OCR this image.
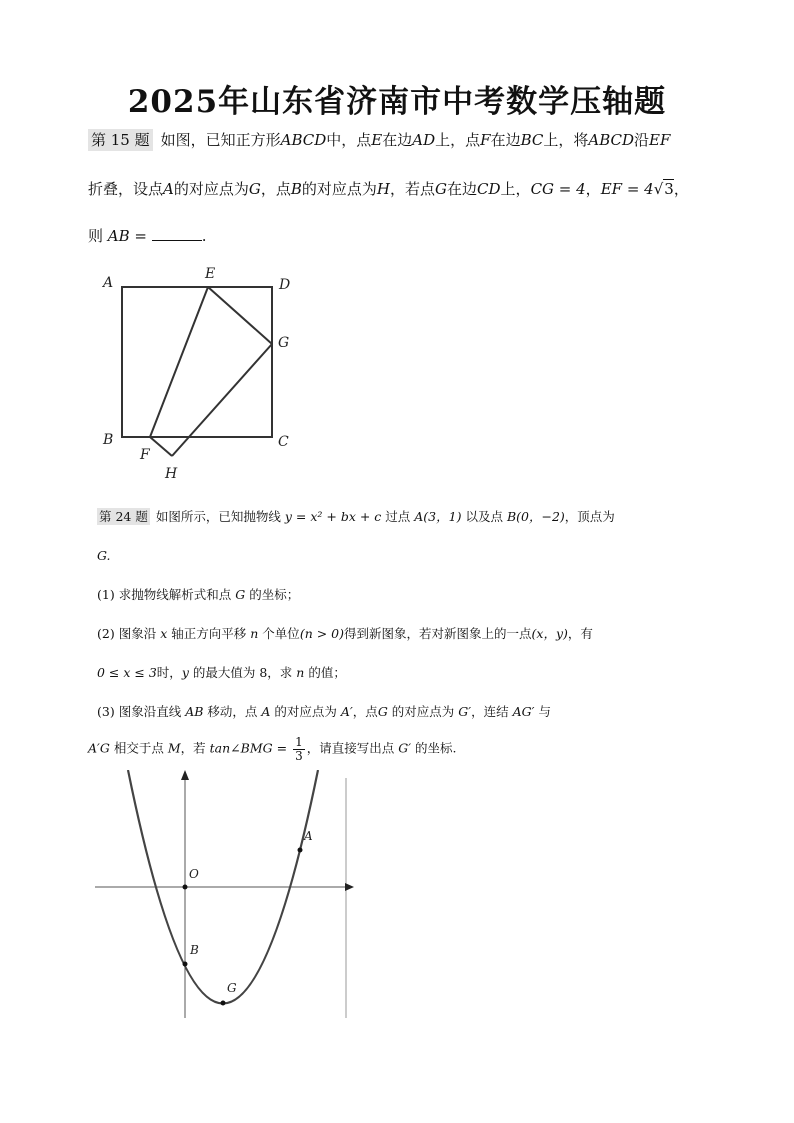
2025年山东省济南市中考数学压轴题
第 15 题 如图，已知正方形ABCD中，点E在边AD上，点F在边BC上，将ABCD沿EF
折叠，设点A的对应点为G，点B的对应点为H，若点G在边CD上，CG = 4，EF = 4√3，
则 AB =	.
A
E
D
G
B	C
F
H
第 24 题 如图所示，已知抛物线 y = x² + bx + c 过点 A(3，1) 以及点 B(0，−2)，顶点为
G.
(1) 求抛物线解析式和点 G 的坐标；
(2) 图象沿 x 轴正方向平移 n 个单位(n > 0)得到新图象，若对新图象上的一点(x，y)，有
0 ≤ x ≤ 3时，y 的最大值为 8，求 n 的值；
(3) 图象沿直线 AB 移动，点 A 的对应点为 A′，点G 的对应点为 G′，连结 AG′ 与
A′G 相交于点 M，若 tan∠BMG = $\frac{1}{3}$ ，请直接写出点 G′ 的坐标.
O
A
B
G
